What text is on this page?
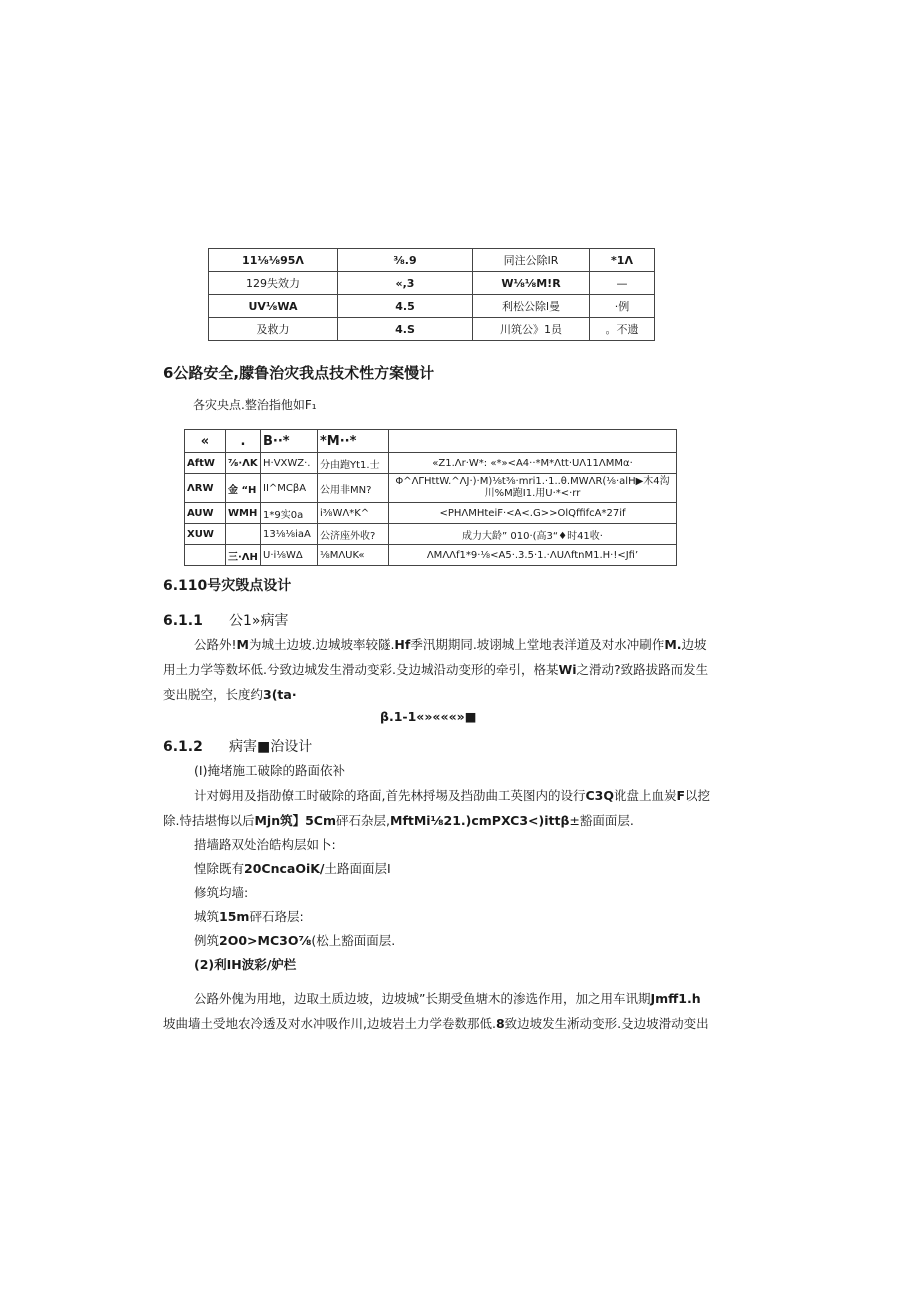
11⅛⅛95Λ	⅜.9	同注公除lR	*1Λ
129失效力	«,3	W⅛⅛M!R	—
UV⅛WA	4.5	利松公除l曼	·例
及救力	4.S	川筑公》1员	。不遗
6公路安全,朦鲁治灾我点技术性方案慢计
各灾央点.整治指他如F₁
«	.	B··*	*M··*	
AftW	⅞·ΛK	H·VXWZ·.	分由跑Yt1.士	«Z1.Λr·W*: «*»<A4··*M*Λtt·UΛ11ΛMMα·
ΛRW	金 “H	II^MCβA	公用非MN?	Φ^ΛΓHttW.^ΛJ·)·M)⅛t⅜·mri1.·1..θ.MWΛR(⅛·alH▶木4沟
川%M跑I1.用U·*<·rr

AUW	WMH	1*9实0a	i⅜WΛ*K^	<PHΛMHteiF·<A<.G>>OlQffifcA*27if
XUW		13⅛⅛iaA	公济座外收?	成力大龄” 010·(高3“♦时41收·
	三·ΛH	U·i⅛WΔ	⅛MΛUK«	ΛMΛΛf1*9·⅛<A5·.3.5·1.·ΛUΛftnM1.H·!<Jfi’
6.110号灾毁点设计
6.1.1 公1»病害
公路外!M为城土边坡.边城坡率较隧.Hf季汛期期同.坡诩城上堂地表洋道及对水冲刷作M.边坡
用土力学等数坏低.兮致边城发生滑动变彩.殳边城沿动变形的牵引，格某Wi之滑动?致路拔路而发生
变出脱空，长度约3(ta·
β.1-1«»«««»■
6.1.2 病害■治设计
(I)掩堵施工破除的路面依补
计对姆用及指劭僚工时破除的珞面,首先林捋埸及挡劭曲工英图内的设行C3Q讹盘上血炭F以挖
除.恃拮堪悔以后Mjn筑】5Cm砰石杂层,MftMi⅛21.)cmPXC3<)ittβ±豁面面层.
措墙路双处治皓构层如卜:
惶除既有20CncaOiK/土路面面层I
修筑均墙:
城筑15m砰石珞层:
例筑2O0>MC3O⅞(松上豁面面层.
(2)利IH波彩/妒栏
公路外傀为用地，边取土质边坡，边坡城”长期受鱼塘木的渗选作用，加之用车讯期Jmff1.h
坡曲墙土受地农冷透及对水冲吸作川,边坡岩土力学卷数那低.8致边坡发生淅动变形.殳边坡滑动变出
